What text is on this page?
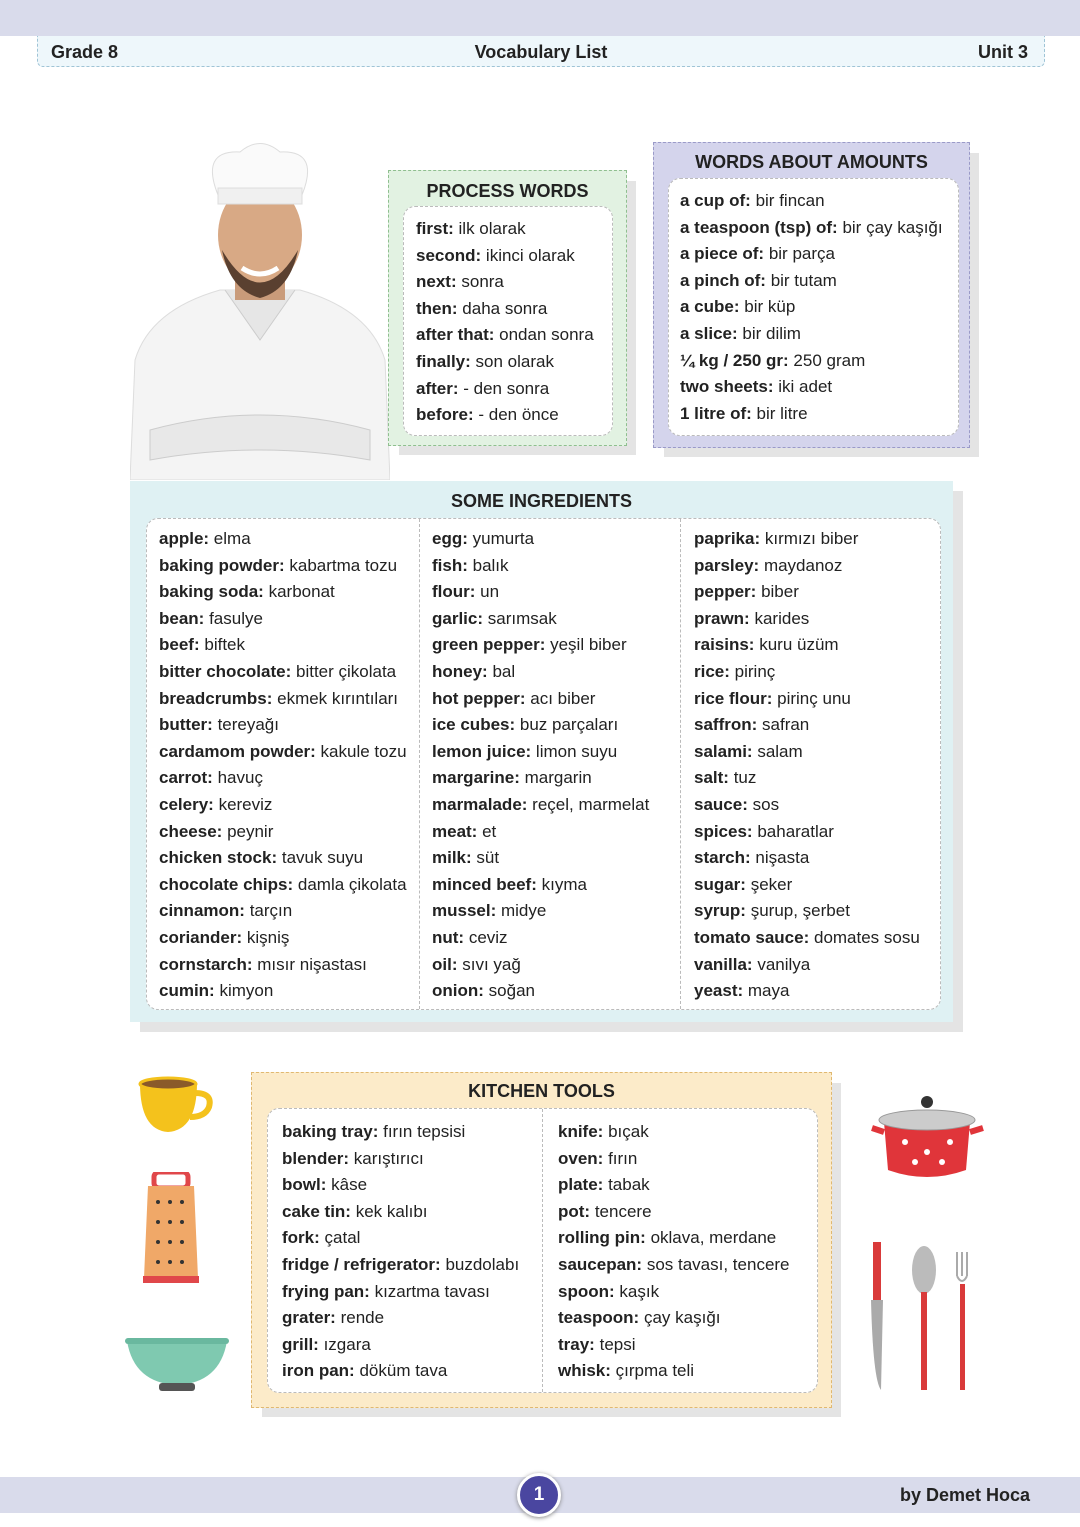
Grade 8	Vocabulary List	Unit 3
PROCESS WORDS
first: ilk olarak
second: ikinci olarak
next: sonra
then: daha sonra
after that: ondan sonra
finally: son olarak
after: - den sonra
before: - den önce
WORDS ABOUT AMOUNTS
a cup of: bir fincan
a teaspoon (tsp) of: bir çay kaşığı
a piece of: bir parça
a pinch of: bir tutam
a cube: bir küp
a slice: bir dilim
¼ kg / 250 gr: 250 gram
two sheets: iki adet
1 litre of: bir litre
SOME INGREDIENTS
apple: elma
baking powder: kabartma tozu
baking soda: karbonat
bean: fasulye
beef: biftek
bitter chocolate: bitter çikolata
breadcrumbs: ekmek kırıntıları
butter: tereyağı
cardamom powder: kakule tozu
carrot: havuç
celery: kereviz
cheese: peynir
chicken stock: tavuk suyu
chocolate chips: damla çikolata
cinnamon: tarçın
coriander: kişniş
cornstarch: mısır nişastası
cumin: kimyon
egg: yumurta
fish: balık
flour: un
garlic: sarımsak
green pepper: yeşil biber
honey: bal
hot pepper: acı biber
ice cubes: buz parçaları
lemon juice: limon suyu
margarine: margarin
marmalade: reçel, marmelat
meat: et
milk: süt
minced beef: kıyma
mussel: midye
nut: ceviz
oil: sıvı yağ
onion: soğan
paprika: kırmızı biber
parsley: maydanoz
pepper: biber
prawn: karides
raisins: kuru üzüm
rice: pirinç
rice flour: pirinç unu
saffron: safran
salami: salam
salt: tuz
sauce: sos
spices: baharatlar
starch: nişasta
sugar: şeker
syrup: şurup, şerbet
tomato sauce: domates sosu
vanilla: vanilya
yeast: maya
KITCHEN TOOLS
baking tray: fırın tepsisi
blender: karıştırıcı
bowl: kâse
cake tin: kek kalıbı
fork: çatal
fridge / refrigerator: buzdolabı
frying pan: kızartma tavası
grater: rende
grill: ızgara
iron pan: döküm tava
knife: bıçak
oven: fırın
plate: tabak
pot: tencere
rolling pin: oklava, merdane
saucepan: sos tavası, tencere
spoon: kaşık
teaspoon: çay kaşığı
tray: tepsi
whisk: çırpma teli
1	by Demet Hoca
